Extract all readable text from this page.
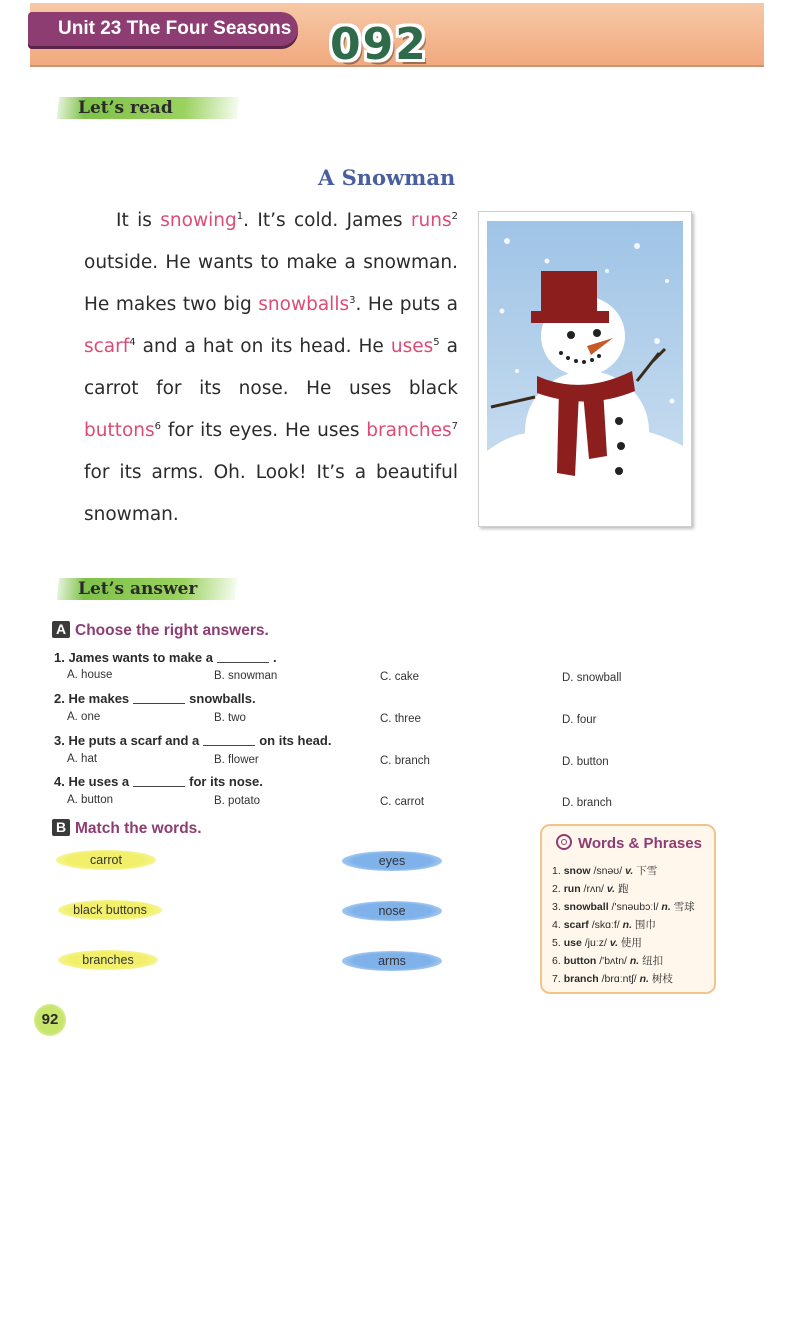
Unit 23 The Four Seasons 092
Let’s read
A Snowman
It is snowing$^1$. It’s cold. James runs$^2$ outside. He wants to make a snowman. He makes two big snowballs$^3$. He puts a scarf$^4$ and a hat on its head. He uses$^5$ a carrot for its nose. He uses black buttons$^6$ for its eyes. He uses branches$^7$ for its arms. Oh. Look! It’s a beautiful snowman.
Let’s answer
A Choose the right answers.
1. James wants to make a	.
A. house	B. snowman	C. cake	D. snowball
2. He makes	snowballs.
A. one	B. two	C. three	D. four
3. He puts a scarf and a	on its head.
A. hat	B. flower	C. branch	D. button
4. He uses a	for its nose.
A. button	B. potato	C. carrot	D. branch
B Match the words.
carrot
black buttons
branches
eyes
nose
arms
Words & Phrases
1. snow /snəʊ/ v. 下雪
2. run /rʌn/ v. 跑
3. snowball /'snəubɔːl/ n. 雪球
4. scarf /skɑːf/ n. 围巾
5. use /juːz/ v. 使用
6. button /'bʌtn/ n. 纽扣
7. branch /brɑːntʃ/ n. 树枝
92
